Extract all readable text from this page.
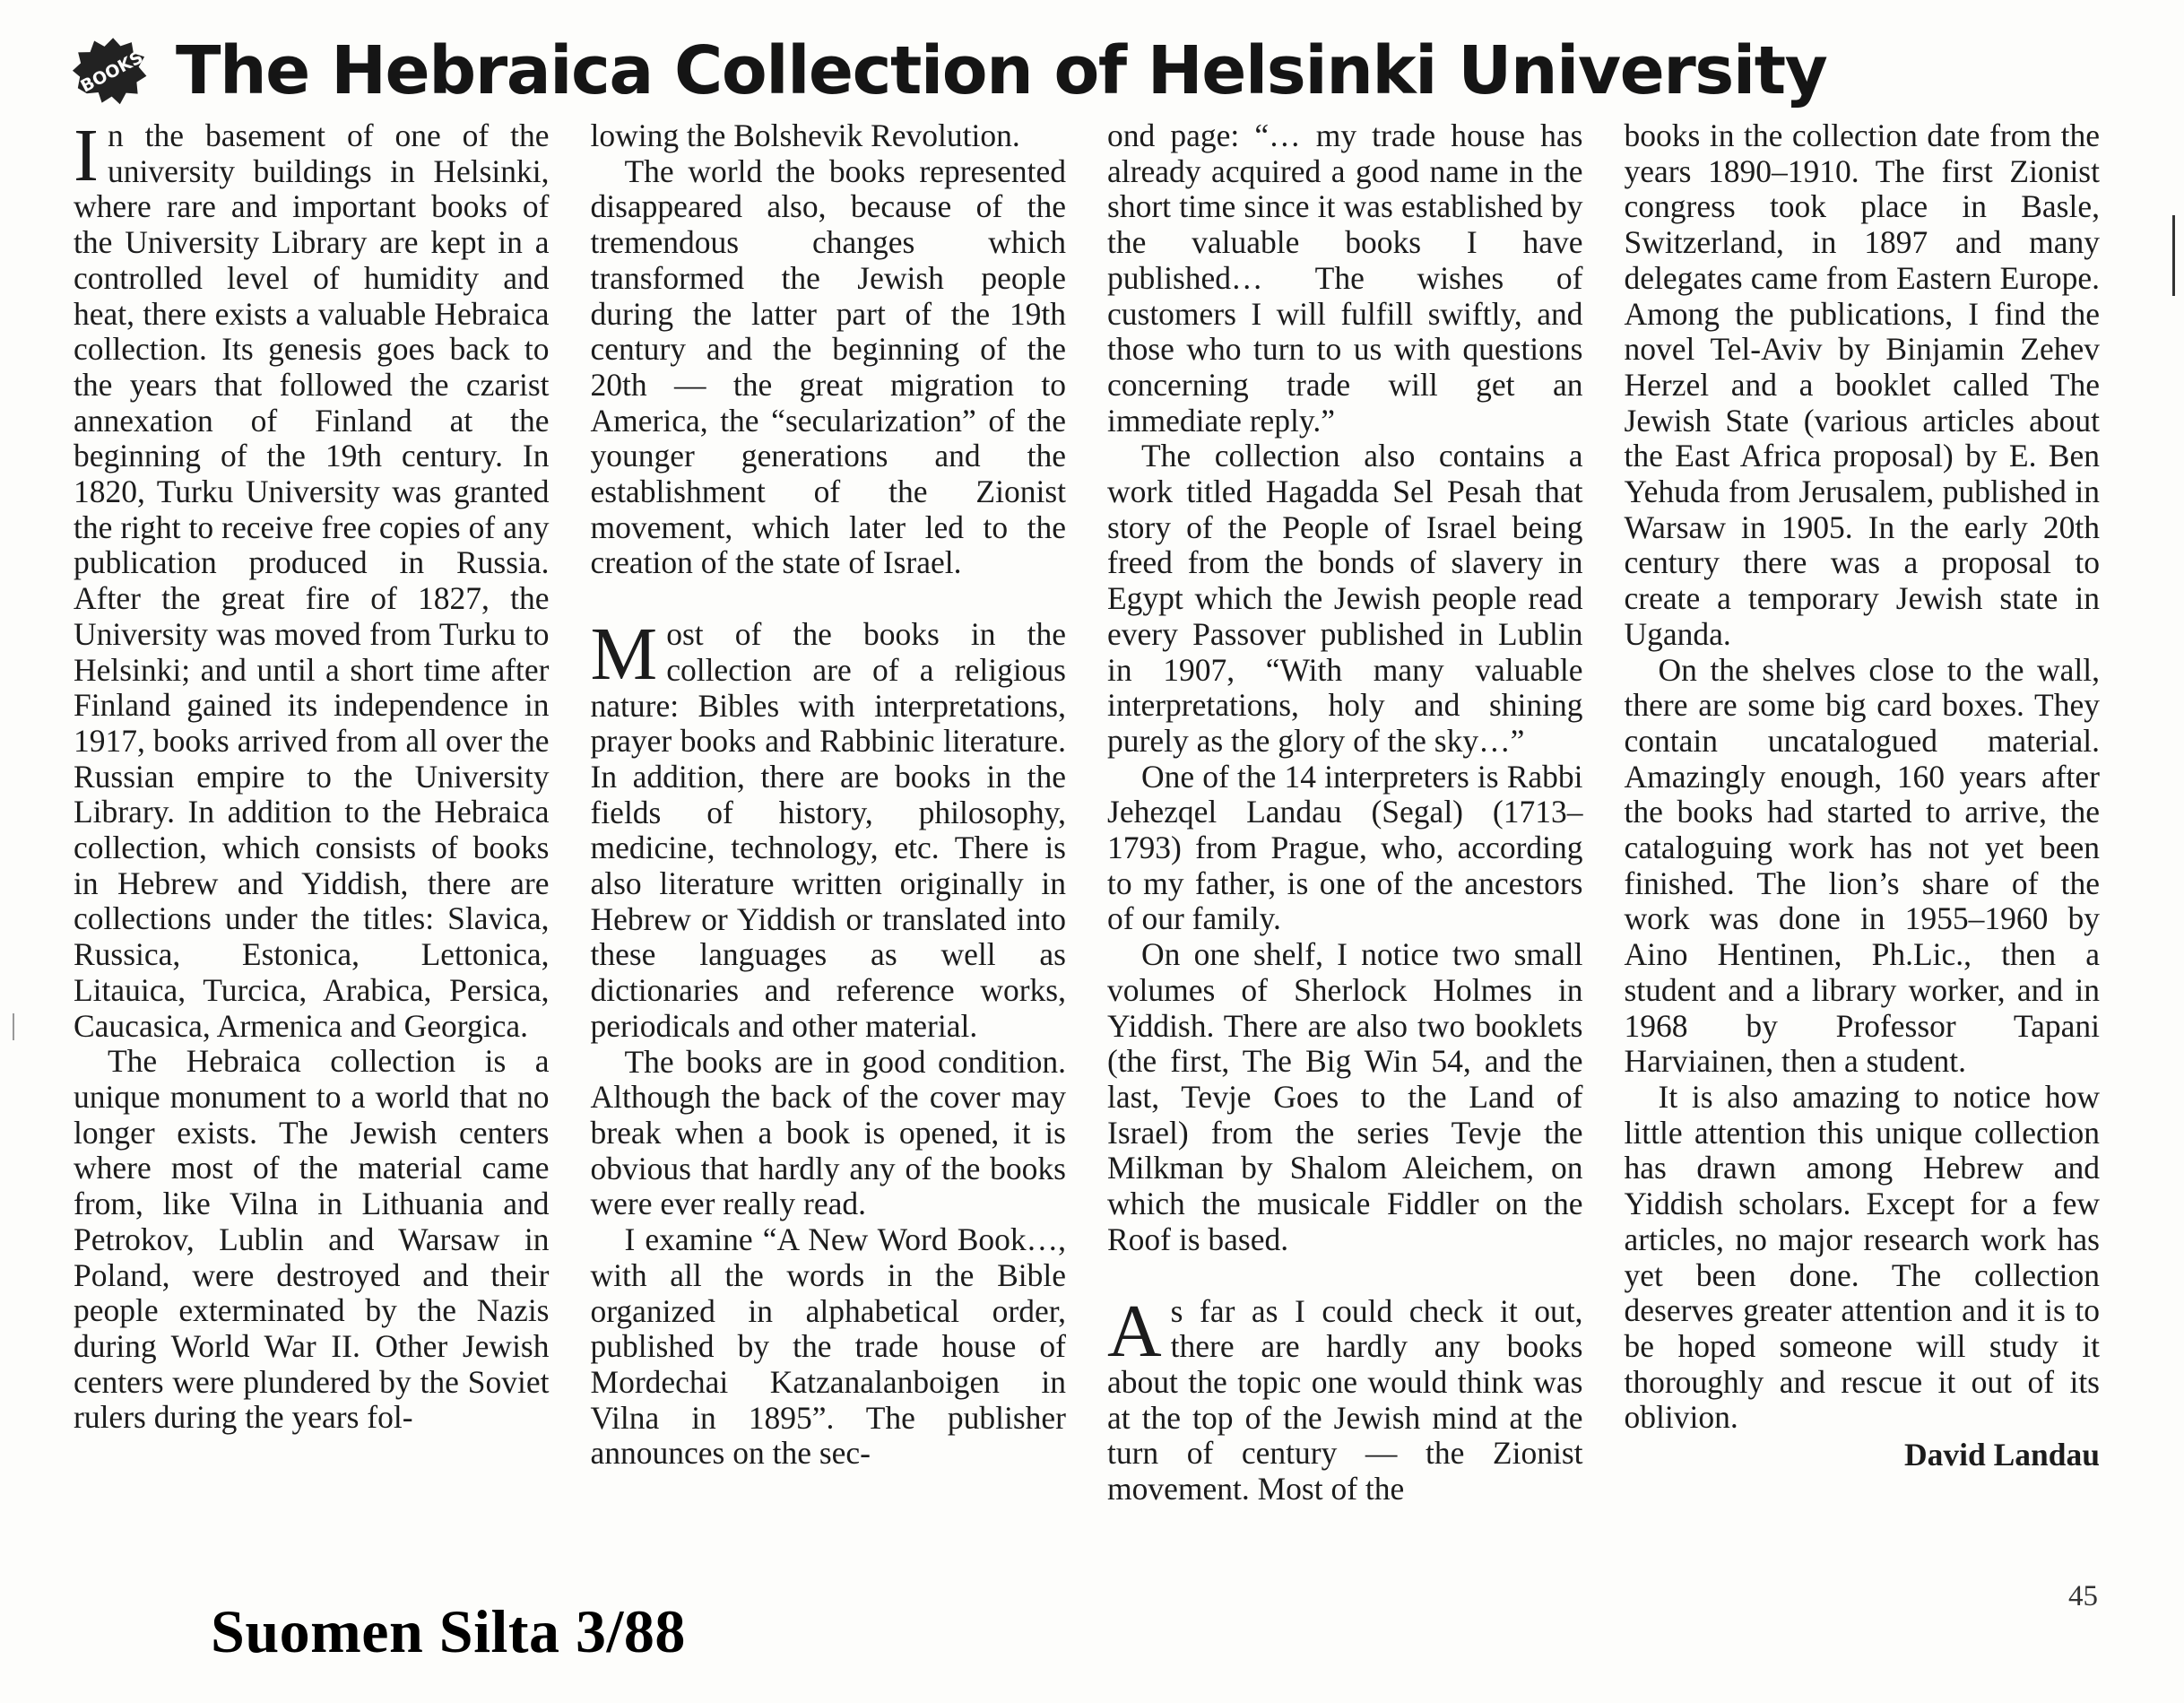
BOOKS The Hebraica Collection of Helsinki University

In the basement of one of the university buildings in Helsinki, where rare and important books of the University Library are kept in a controlled level of humidity and heat, there exists a valuable Hebraica collection. Its genesis goes back to the years that followed the czarist annexation of Finland at the beginning of the 19th century. In 1820, Turku University was granted the right to receive free copies of any publication produced in Russia. After the great fire of 1827, the University was moved from Turku to Helsinki; and until a short time after Finland gained its independence in 1917, books arrived from all over the Russian empire to the University Library. In addition to the Hebraica collection, which consists of books in Hebrew and Yiddish, there are collections under the titles: Slavica, Russica, Estonica, Lettonica, Litauica, Turcica, Arabica, Persica, Caucasica, Armenica and Georgica.

The Hebraica collection is a unique monument to a world that no longer exists. The Jewish centers where most of the material came from, like Vilna in Lithuania and Petrokov, Lublin and Warsaw in Poland, were destroyed and their people exterminated by the Nazis during World War II. Other Jewish centers were plundered by the Soviet rulers during the years fol-

lowing the Bolshevik Revolution.

The world the books represented disappeared also, because of the tremendous changes which transformed the Jewish people during the latter part of the 19th century and the beginning of the 20th — the great migration to America, the “secularization” of the younger generations and the establishment of the Zionist movement, which later led to the creation of the state of Israel.

Most of the books in the collection are of a religious nature: Bibles with interpretations, prayer books and Rabbinic literature. In addition, there are books in the fields of history, philosophy, medicine, technology, etc. There is also literature written originally in Hebrew or Yiddish or translated into these languages as well as dictionaries and reference works, periodicals and other material.

The books are in good condition. Although the back of the cover may break when a book is opened, it is obvious that hardly any of the books were ever really read.

I examine “A New Word Book…, with all the words in the Bible organized in alphabetical order, published by the trade house of Mordechai Katzanalanboigen in Vilna in 1895”. The publisher announces on the sec-

ond page: “… my trade house has already acquired a good name in the short time since it was established by the valuable books I have published… The wishes of customers I will fulfill swiftly, and those who turn to us with questions concerning trade will get an immediate reply.”

The collection also contains a work titled Hagadda Sel Pesah that story of the People of Israel being freed from the bonds of slavery in Egypt which the Jewish people read every Passover published in Lublin in 1907, “With many valuable interpretations, holy and shining purely as the glory of the sky…”

One of the 14 interpreters is Rabbi Jehezqel Landau (Segal) (1713–1793) from Prague, who, according to my father, is one of the ancestors of our family.

On one shelf, I notice two small volumes of Sherlock Holmes in Yiddish. There are also two booklets (the first, The Big Win 54, and the last, Tevje Goes to the Land of Israel) from the series Tevje the Milkman by Shalom Aleichem, on which the musicale Fiddler on the Roof is based.

As far as I could check it out, there are hardly any books about the topic one would think was at the top of the Jewish mind at the turn of century — the Zionist movement. Most of the

books in the collection date from the years 1890–1910. The first Zionist congress took place in Basle, Switzerland, in 1897 and many delegates came from Eastern Europe. Among the publications, I find the novel Tel-Aviv by Binjamin Zehev Herzel and a booklet called The Jewish State (various articles about the East Africa proposal) by E. Ben Yehuda from Jerusalem, published in Warsaw in 1905. In the early 20th century there was a proposal to create a temporary Jewish state in Uganda.

On the shelves close to the wall, there are some big card boxes. They contain uncatalogued material. Amazingly enough, 160 years after the books had started to arrive, the cataloguing work has not yet been finished. The lion’s share of the work was done in 1955–1960 by Aino Hentinen, Ph.Lic., then a student and a library worker, and in 1968 by Professor Tapani Harviainen, then a student.

It is also amazing to notice how little attention this unique collection has drawn among Hebrew and Yiddish scholars. Except for a few articles, no major research work has yet been done. The collection deserves greater attention and it is to be hoped someone will study it thoroughly and rescue it out of its oblivion.

David Landau
45
Suomen Silta 3/88
